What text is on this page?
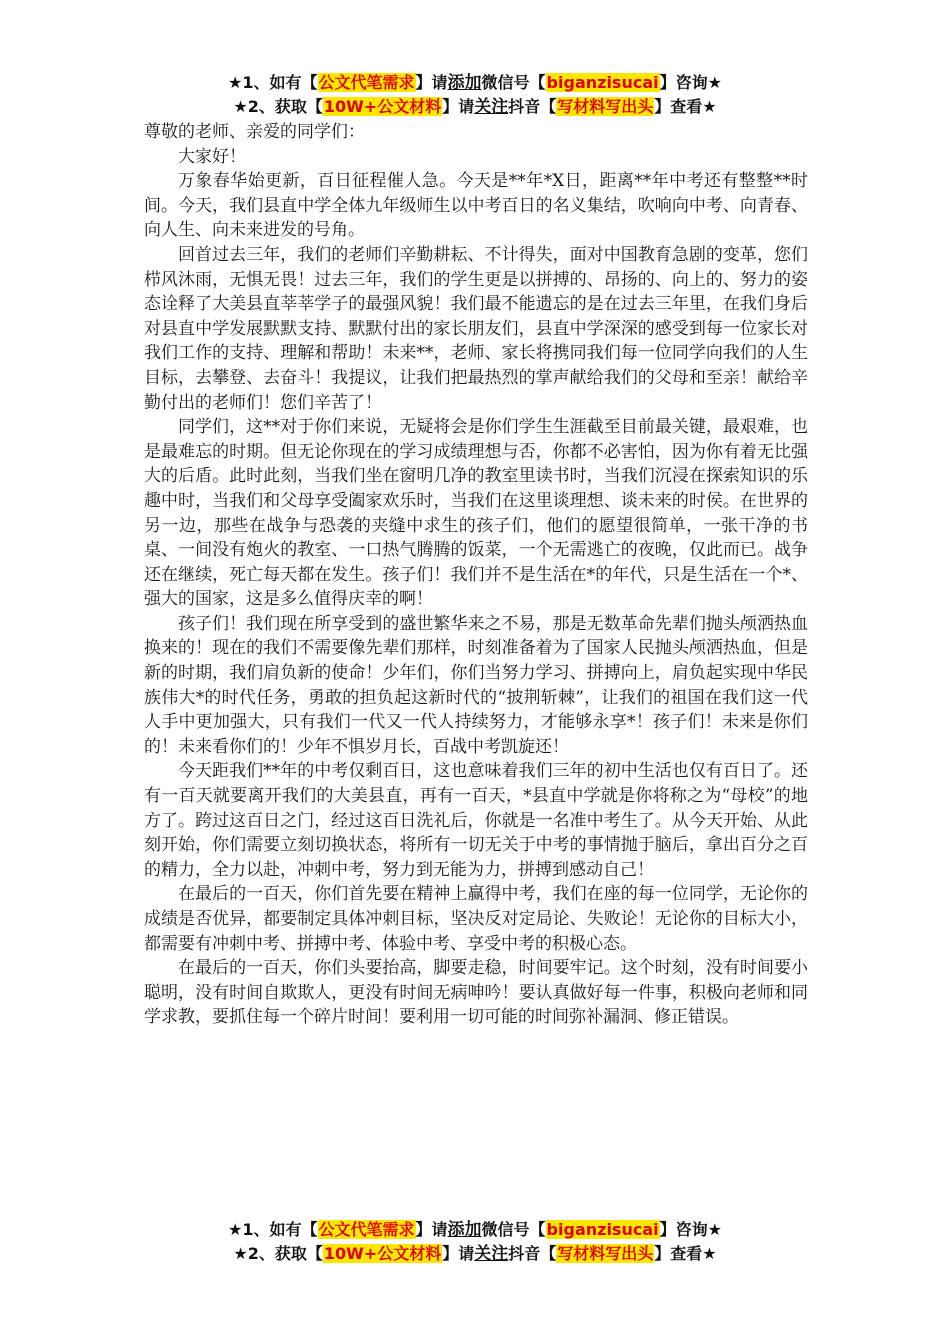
★1、如有【公文代笔需求】请添加微信号【biganzisucai】咨询★
★2、获取【10W+公文材料】请关注抖音【写材料写出头】查看★

尊敬的老师、亲爱的同学们：

大家好！

万象春华始更新，百日征程催人急。今天是**年*X日，距离**年中考还有整整**时间。今天，我们县直中学全体九年级师生以中考百日的名义集结，吹响向中考、向青春、向人生、向未来进发的号角。

回首过去三年，我们的老师们辛勤耕耘、不计得失，面对中国教育急剧的变革，您们栉风沐雨，无惧无畏！过去三年，我们的学生更是以拼搏的、昂扬的、向上的、努力的姿态诠释了大美县直莘莘学子的最强风貌！我们最不能遗忘的是在过去三年里，在我们身后对县直中学发展默默支持、默默付出的家长朋友们，县直中学深深的感受到每一位家长对我们工作的支持、理解和帮助！未来**，老师、家长将携同我们每一位同学向我们的人生目标，去攀登、去奋斗！我提议，让我们把最热烈的掌声献给我们的父母和至亲！献给辛勤付出的老师们！您们辛苦了！

同学们，这**对于你们来说，无疑将会是你们学生生涯截至目前最关键，最艰难，也是最难忘的时期。但无论你现在的学习成绩理想与否，你都不必害怕，因为你有着无比强大的后盾。此时此刻，当我们坐在窗明几净的教室里读书时，当我们沉浸在探索知识的乐趣中时，当我们和父母享受阖家欢乐时，当我们在这里谈理想、谈未来的时侯。在世界的另一边，那些在战争与恐袭的夹缝中求生的孩子们，他们的愿望很简单，一张干净的书桌、一间没有炮火的教室、一口热气腾腾的饭菜，一个无需逃亡的夜晚，仅此而已。战争还在继续，死亡每天都在发生。孩子们！我们并不是生活在*的年代，只是生活在一个*、强大的国家，这是多么值得庆幸的啊！

孩子们！我们现在所享受到的盛世繁华来之不易，那是无数革命先辈们抛头颅洒热血换来的！现在的我们不需要像先辈们那样，时刻准备着为了国家人民抛头颅洒热血，但是新的时期，我们肩负新的使命！少年们，你们当努力学习、拼搏向上，肩负起实现中华民族伟大*的时代任务，勇敢的担负起这新时代的“披荆斩棘”，让我们的祖国在我们这一代人手中更加强大，只有我们一代又一代人持续努力，才能够永享*！孩子们！未来是你们的！未来看你们的！少年不惧岁月长，百战中考凯旋还！

今天距我们**年的中考仅剩百日，这也意味着我们三年的初中生活也仅有百日了。还有一百天就要离开我们的大美县直，再有一百天，*县直中学就是你将称之为“母校”的地方了。跨过这百日之门，经过这百日洗礼后，你就是一名准中考生了。从今天开始、从此刻开始，你们需要立刻切换状态，将所有一切无关于中考的事情抛于脑后，拿出百分之百的精力，全力以赴，冲刺中考，努力到无能为力，拼搏到感动自己！

在最后的一百天，你们首先要在精神上赢得中考，我们在座的每一位同学，无论你的成绩是否优异，都要制定具体冲刺目标，坚决反对定局论、失败论！无论你的目标大小，都需要有冲刺中考、拼搏中考、体验中考、享受中考的积极心态。

在最后的一百天，你们头要抬高，脚要走稳，时间要牢记。这个时刻，没有时间要小聪明，没有时间自欺欺人，更没有时间无病呻吟！要认真做好每一件事，积极向老师和同学求教，要抓住每一个碎片时间！要利用一切可能的时间弥补漏洞、修正错误。

★1、如有【公文代笔需求】请添加微信号【biganzisucai】咨询★
★2、获取【10W+公文材料】请关注抖音【写材料写出头】查看★
